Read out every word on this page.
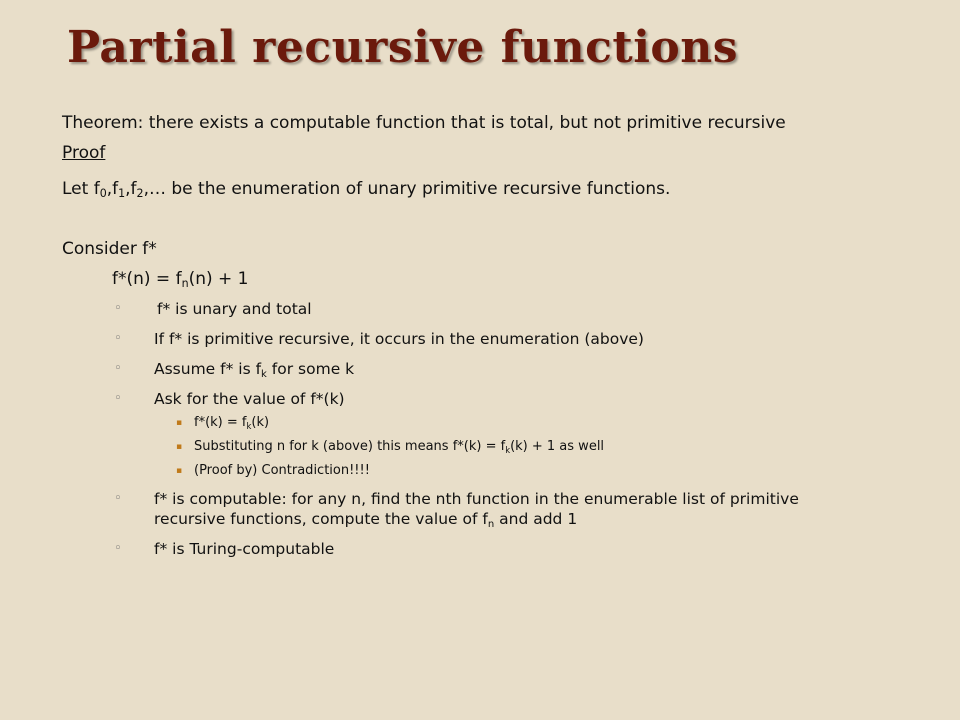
Partial recursive functions
Theorem: there exists a computable function that is total, but not primitive recursive
Proof
Let $f_0,f_1,f_2,\dots$ be the enumeration of unary primitive recursive functions.
Consider f*
$f*(n) = f_n(n) + 1$
◦ f* is unary and total
◦ If f* is primitive recursive, it occurs in the enumeration (above)
◦ Assume f* is $f_k$ for some k
◦ Ask for the value of f*(k)
▪ $f*(k) = f_k(k)$
▪ Substituting n for k (above) this means $f*(k) = f_k(k) + 1$ as well
▪ (Proof by) Contradiction!!!!
◦ f* is computable: for any n, find the nth function in the enumerable list of primitive
recursive functions, compute the value of $f_n$ and add 1
◦ f* is Turing-computable
